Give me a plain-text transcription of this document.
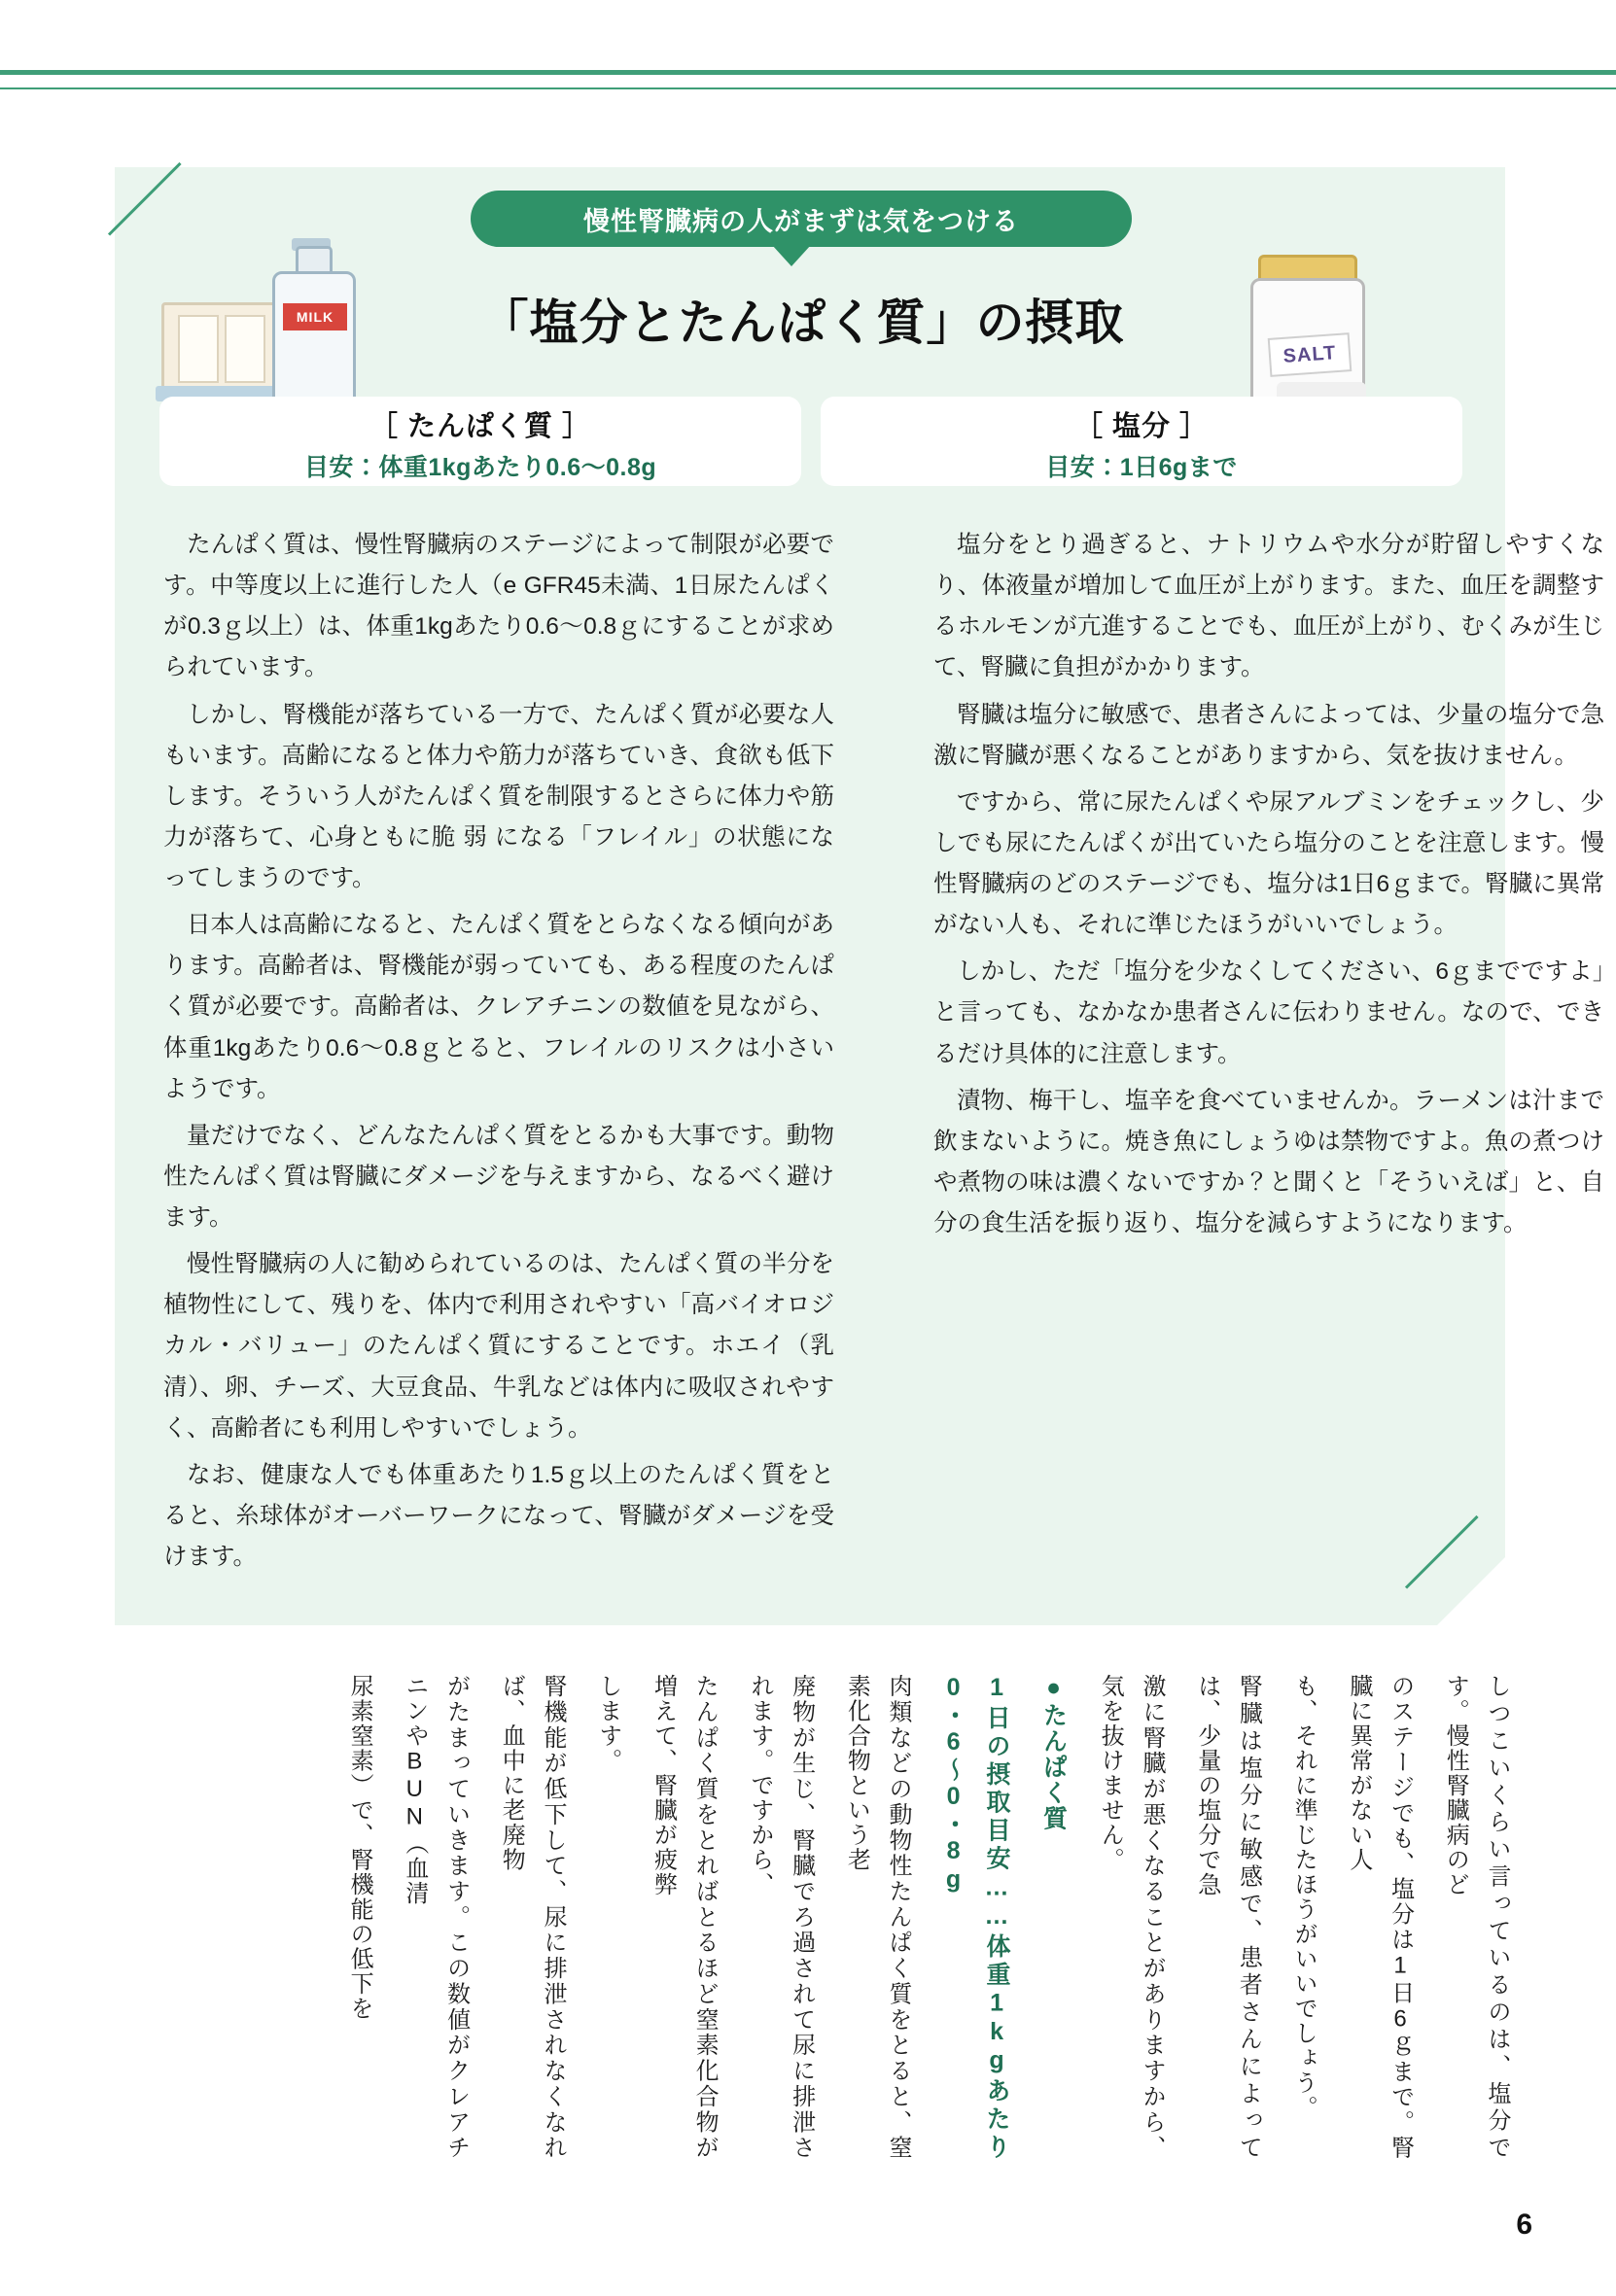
慢性腎臓病の人がまずは気をつける
「塩分とたんぱく質」の摂取
MILK
SALT
［ たんぱく質 ］
目安：体重1kgあたり0.6〜0.8g
［ 塩分 ］
目安：1日6gまで

たんぱく質は、慢性腎臓病のステージによって制限が必要です。中等度以上に進行した人（e GFR45未満、1日尿たんぱくが0.3ｇ以上）は、体重1kgあたり0.6〜0.8ｇにすることが求められています。

しかし、腎機能が落ちている一方で、たんぱく質が必要な人もいます。高齢になると体力や筋力が落ちていき、食欲も低下します。そういう人がたんぱく質を制限するとさらに体力や筋力が落ちて、心身ともに脆 弱 になる「フレイル」の状態になってしまうのです。

日本人は高齢になると、たんぱく質をとらなくなる傾向があります。高齢者は、腎機能が弱っていても、ある程度のたんぱく質が必要です。高齢者は、クレアチニンの数値を見ながら、体重1kgあたり0.6〜0.8ｇとると、フレイルのリスクは小さいようです。

量だけでなく、どんなたんぱく質をとるかも大事です。動物性たんぱく質は腎臓にダメージを与えますから、なるべく避けます。

慢性腎臓病の人に勧められているのは、たんぱく質の半分を植物性にして、残りを、体内で利用されやすい「高バイオロジカル・バリュー」のたんぱく質にすることです。ホエイ（乳清）、卵、チーズ、大豆食品、牛乳などは体内に吸収されやすく、高齢者にも利用しやすいでしょう。

なお、健康な人でも体重あたり1.5ｇ以上のたんぱく質をとると、糸球体がオーバーワークになって、腎臓がダメージを受けます。

塩分をとり過ぎると、ナトリウムや水分が貯留しやすくなり、体液量が増加して血圧が上がります。また、血圧を調整するホルモンが亢進することでも、血圧が上がり、むくみが生じて、腎臓に負担がかかります。

腎臓は塩分に敏感で、患者さんによっては、少量の塩分で急激に腎臓が悪くなることがありますから、気を抜けません。

ですから、常に尿たんぱくや尿アルブミンをチェックし、少しでも尿にたんぱくが出ていたら塩分のことを注意します。慢性腎臓病のどのステージでも、塩分は1日6ｇまで。腎臓に異常がない人も、それに準じたほうがいいでしょう。

しかし、ただ「塩分を少なくしてください、6ｇまでですよ」と言っても、なかなか患者さんに伝わりません。なので、できるだけ具体的に注意します。

漬物、梅干し、塩辛を食べていませんか。ラーメンは汁まで飲まないように。焼き魚にしょうゆは禁物ですよ。魚の煮つけや煮物の味は濃くないですか？と聞くと「そういえば」と、自分の食生活を振り返り、塩分を減らすようになります。

しつこいくらい言っているのは、塩分です。慢性腎臓病のど
のステージでも、塩分は1日6ｇまで。腎臓に異常がない人
も、それに準じたほうがいいでしょう。
腎臓は塩分に敏感で、患者さんによっては、少量の塩分で急
激に腎臓が悪くなることがありますから、気を抜けません。
●たんぱく質
1日の摂取目安……体重1kgあたり0・6〜0・8g
肉類などの動物性たんぱく質をとると、窒素化合物という老
廃物が生じ、腎臓でろ過されて尿に排泄されます。ですから、
たんぱく質をとればとるほど窒素化合物が増えて、腎臓が疲弊
します。
腎機能が低下して、尿に排泄されなくなれば、血中に老廃物
がたまっていきます。この数値がクレアチニンやBUN（血清
尿素窒素）で、腎機能の低下を
6
